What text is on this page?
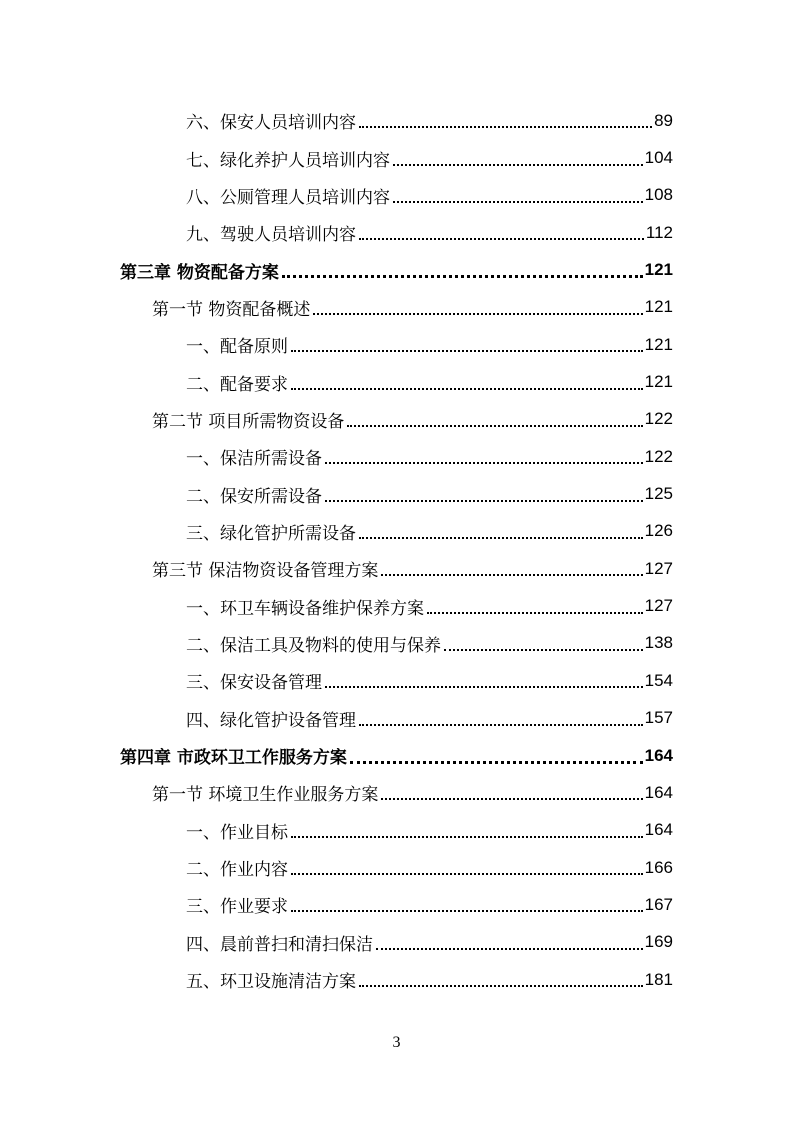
六、保安人员培训内容	89
七、绿化养护人员培训内容	104
八、公厕管理人员培训内容	108
九、驾驶人员培训内容	112
第三章 物资配备方案	121
第一节 物资配备概述	121
一、配备原则	121
二、配备要求	121
第二节 项目所需物资设备	122
一、保洁所需设备	122
二、保安所需设备	125
三、绿化管护所需设备	126
第三节 保洁物资设备管理方案	127
一、环卫车辆设备维护保养方案	127
二、保洁工具及物料的使用与保养	138
三、保安设备管理	154
四、绿化管护设备管理	157
第四章 市政环卫工作服务方案	164
第一节 环境卫生作业服务方案	164
一、作业目标	164
二、作业内容	166
三、作业要求	167
四、晨前普扫和清扫保洁	169
五、环卫设施清洁方案	181
3
